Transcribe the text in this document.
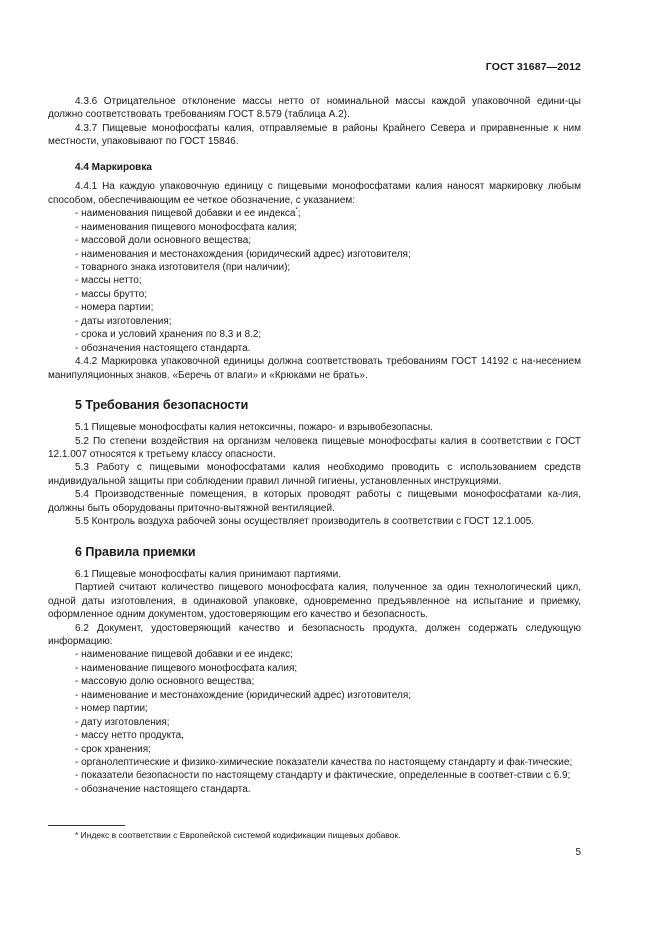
ГОСТ 31687—2012

4.3.6 Отрицательное отклонение массы нетто от номинальной массы каждой упаковочной едини-цы должно соответствовать требованиям ГОСТ 8.579 (таблица А.2).

4.3.7 Пищевые монофосфаты калия, отправляемые в районы Крайнего Севера и приравненные к ним местности, упаковывают по ГОСТ 15846.

4.4 Маркировка

4.4.1 На каждую упаковочную единицу с пищевыми монофосфатами калия наносят маркировку любым способом, обеспечивающим ее четкое обозначение, с указанием:

- наименования пищевой добавки и ее индекса*;

- наименования пищевого монофосфата калия;

- массовой доли основного вещества;

- наименования и местонахождения (юридический адрес) изготовителя;

- товарного знака изготовителя (при наличии);

- массы нетто;

- массы брутто;

- номера партии;

- даты изготовления;

- срока и условий хранения по 8.3 и 8.2;

- обозначения настоящего стандарта.

4.4.2 Маркировка упаковочной единицы должна соответствовать требованиям ГОСТ 14192 с на-несением манипуляционных знаков. «Беречь от влаги» и «Крюками не брать».

5 Требования безопасности

5.1 Пищевые монофосфаты калия нетоксичны, пожаро- и взрывобезопасны.

5.2 По степени воздействия на организм человека пищевые монофосфаты калия в соответствии с ГОСТ 12.1.007 относятся к третьему классу опасности.

5.3 Работу с пищевыми монофосфатами калия необходимо проводить с использованием средств индивидуальной защиты при соблюдении правил личной гигиены, установленных инструкциями.

5.4 Производственные помещения, в которых проводят работы с пищевыми монофосфатами ка-лия, должны быть оборудованы приточно-вытяжной вентиляцией.

5.5 Контроль воздуха рабочей зоны осуществляет производитель в соответствии с ГОСТ 12.1.005.

6 Правила приемки

6.1 Пищевые монофосфаты калия принимают партиями.

Партией считают количество пищевого монофосфата калия, полученное за один технологический цикл, одной даты изготовления, в одинаковой упаковке, одновременно предъявленное на испытание и приемку, оформленное одним документом, удостоверяющим его качество и безопасность.

6.2 Документ, удостоверяющий качество и безопасность продукта, должен содержать следующую информацию:

- наименование пищевой добавки и ее индекс;

- наименование пищевого монофосфата калия;

- массовую долю основного вещества;

- наименование и местонахождение (юридический адрес) изготовителя;

- номер партии;

- дату изготовления;

- массу нетто продукта,

- срок хранения;

- органолептические и физико-химические показатели качества по настоящему стандарту и фак-тические;

- показатели безопасности по настоящему стандарту и фактические, определенные в соответ-ствии с 6.9;

- обозначение настоящего стандарта.

* Индекс в соответствии с Европейской системой кодификации пищевых добавок.

5
